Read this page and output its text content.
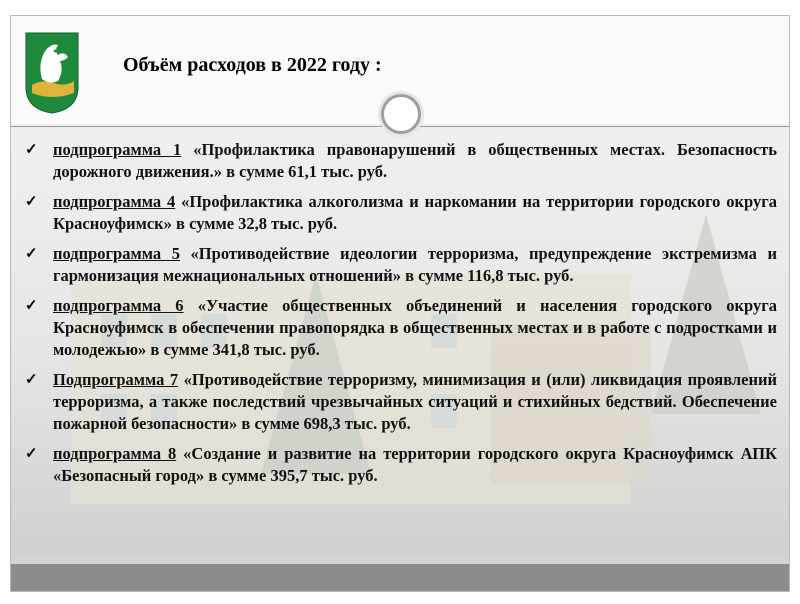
Объём расходов в 2022 году :
✓ подпрограмма 1 «Профилактика правонарушений в общественных местах. Безопасность дорожного движения.» в сумме 61,1 тыс. руб.
✓ подпрограмма 4 «Профилактика алкоголизма и наркомании на территории городского округа Красноуфимск» в сумме 32,8 тыс. руб.
✓ подпрограмма 5 «Противодействие идеологии терроризма, предупреждение экстремизма и гармонизация межнациональных отношений» в сумме 116,8 тыс. руб.
✓ подпрограмма 6 «Участие общественных объединений и населения городского округа Красноуфимск в обеспечении правопорядка в общественных местах и в работе с подростками и молодежью» в сумме 341,8 тыс. руб.
✓ Подпрограмма 7 «Противодействие терроризму, минимизация и (или) ликвидация проявлений терроризма, а также последствий чрезвычайных ситуаций и стихийных бедствий. Обеспечение пожарной безопасности» в сумме 698,3 тыс. руб.
✓ подпрограмма 8 «Создание и развитие на территории городского округа Красноуфимск АПК «Безопасный город» в сумме 395,7 тыс. руб.
